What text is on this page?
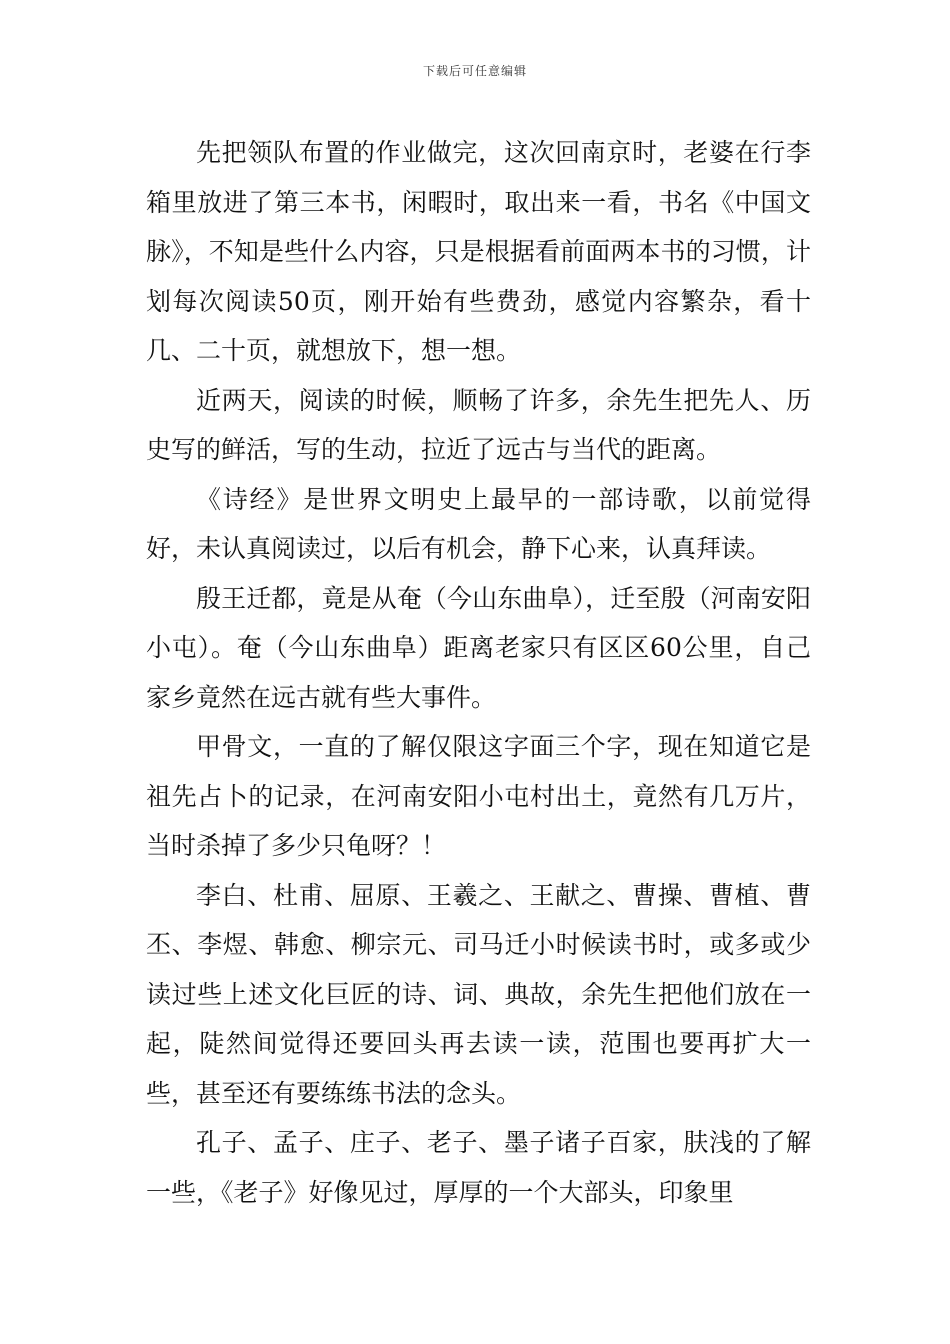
下载后可任意编辑

先把领队布置的作业做完，这次回南京时，老婆在行李箱里放进了第三本书，闲暇时，取出来一看，书名《中国文脉》，不知是些什么内容，只是根据看前面两本书的习惯，计划每次阅读50页，刚开始有些费劲，感觉内容繁杂，看十几、二十页，就想放下，想一想。

近两天，阅读的时候，顺畅了许多，余先生把先人、历史写的鲜活，写的生动，拉近了远古与当代的距离。

《诗经》是世界文明史上最早的一部诗歌，以前觉得好，未认真阅读过，以后有机会，静下心来，认真拜读。

殷王迁都，竟是从奄（今山东曲阜），迁至殷（河南安阳小屯）。奄（今山东曲阜）距离老家只有区区60公里，自己家乡竟然在远古就有些大事件。

甲骨文，一直的了解仅限这字面三个字，现在知道它是祖先占卜的记录，在河南安阳小屯村出土，竟然有几万片，当时杀掉了多少只龟呀？！

李白、杜甫、屈原、王羲之、王献之、曹操、曹植、曹丕、李煜、韩愈、柳宗元、司马迁小时候读书时，或多或少读过些上述文化巨匠的诗、词、典故，余先生把他们放在一起，陡然间觉得还要回头再去读一读，范围也要再扩大一些，甚至还有要练练书法的念头。

孔子、孟子、庄子、老子、墨子诸子百家，肤浅的了解一些，《老子》好像见过，厚厚的一个大部头，印象里
